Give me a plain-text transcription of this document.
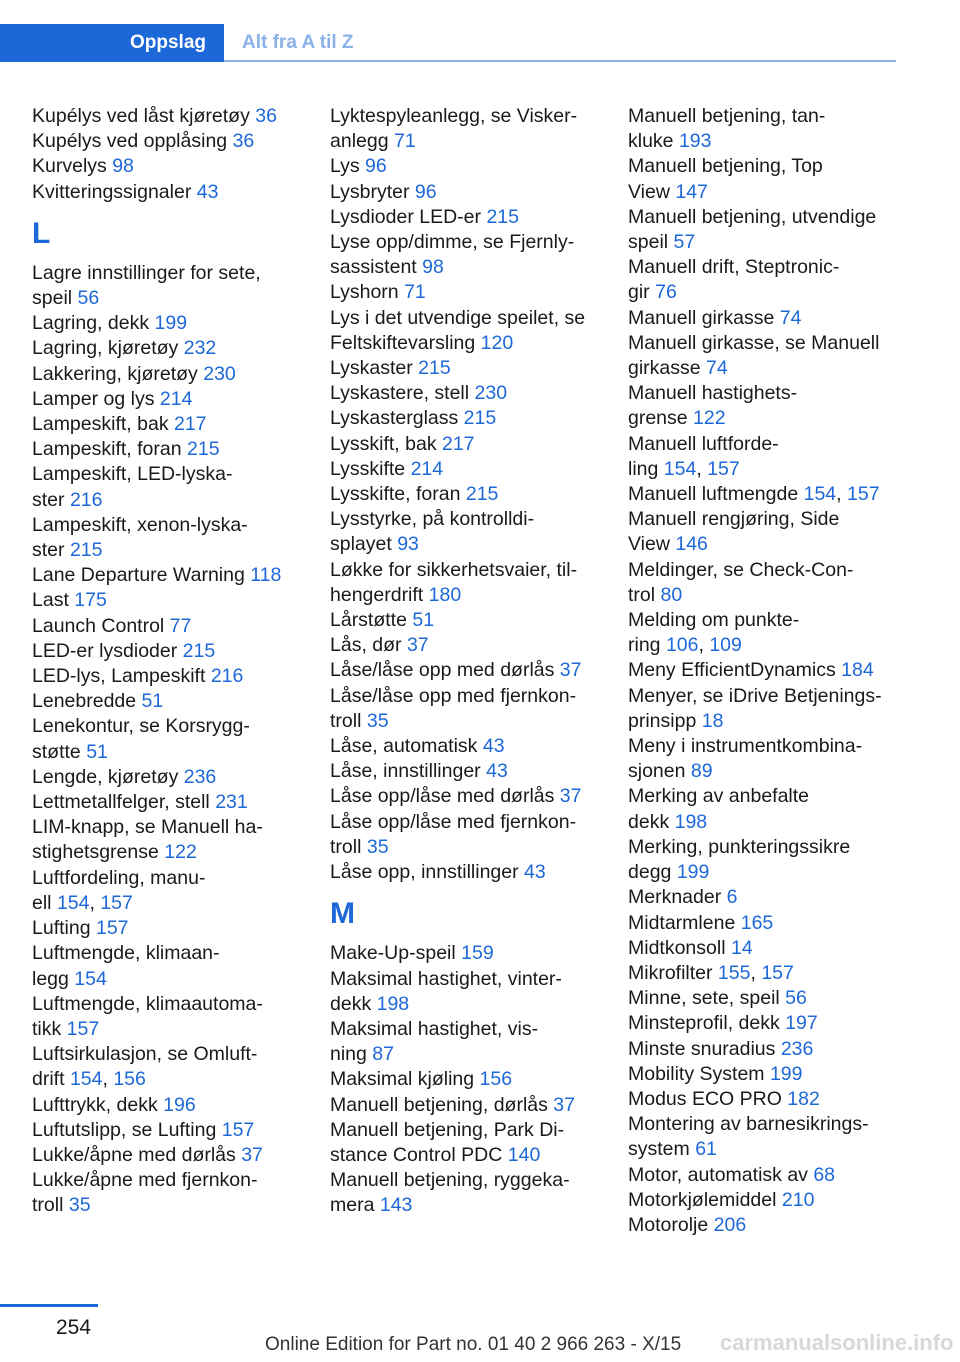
Oppslag	Alt fra A til Z
Kupélys ved låst kjøretøy 36
Kupélys ved opplåsing 36
Kurvelys 98
Kvitteringssignaler 43
L
Lagre innstillinger for sete,
speil 56
Lagring, dekk 199
Lagring, kjøretøy 232
Lakkering, kjøretøy 230
Lamper og lys 214
Lampeskift, bak 217
Lampeskift, foran 215
Lampeskift, LED-lyska-
ster 216
Lampeskift, xenon-lyska-
ster 215
Lane Departure Warning 118
Last 175
Launch Control 77
LED-er lysdioder 215
LED-lys, Lampeskift 216
Lenebredde 51
Lenekontur, se Korsrygg-
støtte 51
Lengde, kjøretøy 236
Lettmetallfelger, stell 231
LIM-knapp, se Manuell ha-
stighetsgrense 122
Luftfordeling, manu-
ell 154, 157
Lufting 157
Luftmengde, klimaan-
legg 154
Luftmengde, klimaautoma-
tikk 157
Luftsirkulasjon, se Omluft-
drift 154, 156
Lufttrykk, dekk 196
Luftutslipp, se Lufting 157
Lukke/åpne med dørlås 37
Lukke/åpne med fjernkon-
troll 35
Lyktespyleanlegg, se Visker-
anlegg 71
Lys 96
Lysbryter 96
Lysdioder LED-er 215
Lyse opp/dimme, se Fjernly-
sassistent 98
Lyshorn 71
Lys i det utvendige speilet, se
Feltskiftevarsling 120
Lyskaster 215
Lyskastere, stell 230
Lyskasterglass 215
Lysskift, bak 217
Lysskifte 214
Lysskifte, foran 215
Lysstyrke, på kontrolldi-
splayet 93
Løkke for sikkerhetsvaier, til-
hengerdrift 180
Lårstøtte 51
Lås, dør 37
Låse/låse opp med dørlås 37
Låse/låse opp med fjernkon-
troll 35
Låse, automatisk 43
Låse, innstillinger 43
Låse opp/låse med dørlås 37
Låse opp/låse med fjernkon-
troll 35
Låse opp, innstillinger 43
M
Make-Up-speil 159
Maksimal hastighet, vinter-
dekk 198
Maksimal hastighet, vis-
ning 87
Maksimal kjøling 156
Manuell betjening, dørlås 37
Manuell betjening, Park Di-
stance Control PDC 140
Manuell betjening, ryggeka-
mera 143
Manuell betjening, tan-
kluke 193
Manuell betjening, Top
View 147
Manuell betjening, utvendige
speil 57
Manuell drift, Steptronic-
gir 76
Manuell girkasse 74
Manuell girkasse, se Manuell
girkasse 74
Manuell hastighets-
grense 122
Manuell luftforde-
ling 154, 157
Manuell luftmengde 154, 157
Manuell rengjøring, Side
View 146
Meldinger, se Check-Con-
trol 80
Melding om punkte-
ring 106, 109
Meny EfficientDynamics 184
Menyer, se iDrive Betjenings-
prinsipp 18
Meny i instrumentkombina-
sjonen 89
Merking av anbefalte
dekk 198
Merking, punkteringssikre
degg 199
Merknader 6
Midtarmlene 165
Midtkonsoll 14
Mikrofilter 155, 157
Minne, sete, speil 56
Minsteprofil, dekk 197
Minste snuradius 236
Mobility System 199
Modus ECO PRO 182
Montering av barnesikrings-
system 61
Motor, automatisk av 68
Motorkjølemiddel 210
Motorolje 206
254
carmanualsonline.info
Online Edition for Part no. 01 40 2 966 263 - X/15
